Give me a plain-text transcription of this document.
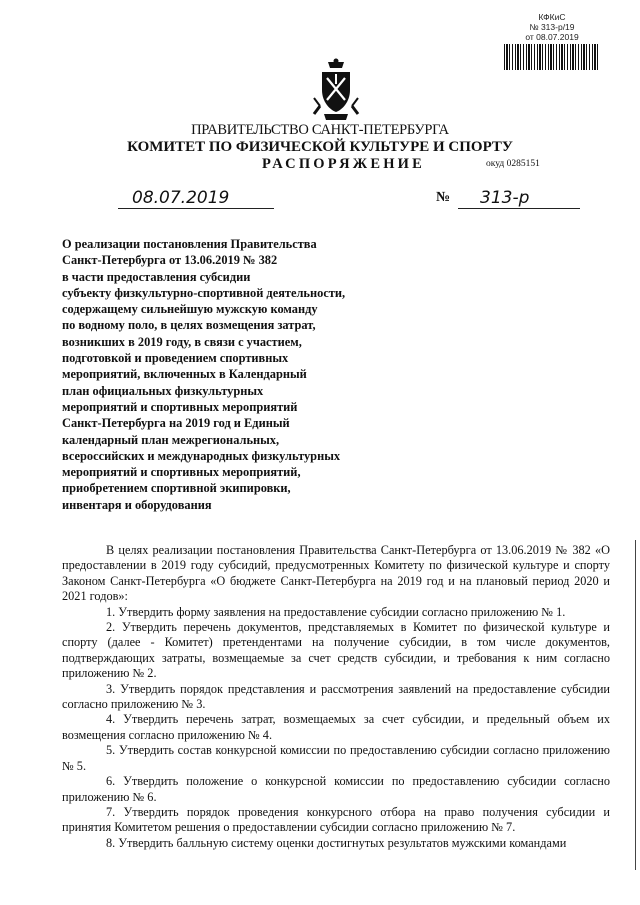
КФКиС
№ 313-р/19
от 08.07.2019
ПРАВИТЕЛЬСТВО САНКТ-ПЕТЕРБУРГА
КОМИТЕТ ПО ФИЗИЧЕСКОЙ КУЛЬТУРЕ И СПОРТУ
РАСПОРЯЖЕНИЕ	окуд 0285151
08.07.2019	№ 313-р
О реализации постановления Правительства
Санкт-Петербурга от 13.06.2019 № 382
в части предоставления субсидии
субъекту физкультурно-спортивной деятельности,
содержащему сильнейшую мужскую команду
по водному поло, в целях возмещения затрат,
возникших в 2019 году, в связи с участием,
подготовкой и проведением спортивных
мероприятий, включенных в Календарный
план официальных физкультурных
мероприятий и спортивных мероприятий
Санкт-Петербурга на 2019 год и Единый
календарный план межрегиональных,
всероссийских и международных физкультурных
мероприятий и спортивных мероприятий,
приобретением спортивной экипировки,
инвентаря и оборудования

В целях реализации постановления Правительства Санкт-Петербурга от 13.06.2019 № 382 «О предоставлении в 2019 году субсидий, предусмотренных Комитету по физической культуре и спорту Законом Санкт-Петербурга «О бюджете Санкт-Петербурга на 2019 год и на плановый период 2020 и 2021 годов»:

1. Утвердить форму заявления на предоставление субсидии согласно приложению № 1.

2. Утвердить перечень документов, представляемых в Комитет по физической культуре и спорту (далее - Комитет) претендентами на получение субсидии, в том числе документов, подтверждающих затраты, возмещаемые за счет средств субсидии, и требования к ним согласно приложению № 2.

3. Утвердить порядок представления и рассмотрения заявлений на предоставление субсидии согласно приложению № 3.

4. Утвердить перечень затрат, возмещаемых за счет субсидии, и предельный объем их возмещения согласно приложению № 4.

5. Утвердить состав конкурсной комиссии по предоставлению субсидии согласно приложению № 5.

6. Утвердить положение о конкурсной комиссии по предоставлению субсидии согласно приложению № 6.

7. Утвердить порядок проведения конкурсного отбора на право получения субсидии и принятия Комитетом решения о предоставлении субсидии согласно приложению № 7.

8. Утвердить балльную систему оценки достигнутых результатов мужскими командами
